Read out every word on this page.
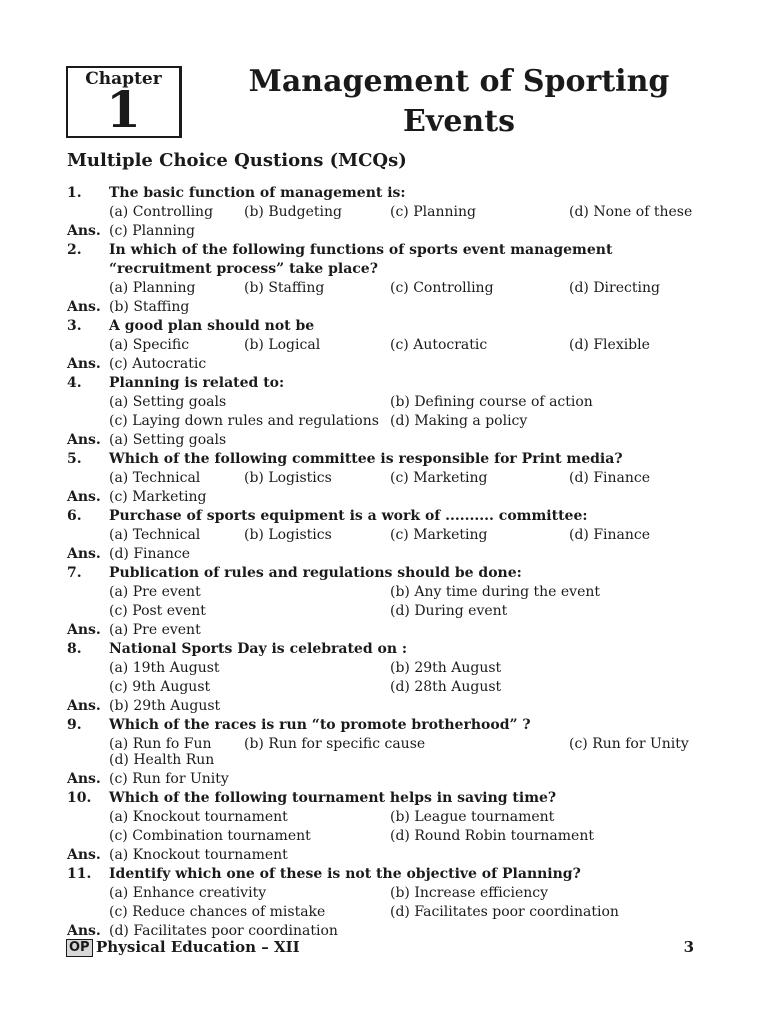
Chapter
1	Management of Sporting Events
Multiple Choice Qustions (MCQs)
1. The basic function of management is:
(a) Controlling (b) Budgeting	(c) Planning	(d) None of these
Ans. (c) Planning
2. In which of the following functions of sports event management “recruitment process” take place?
(a) Planning	(b) Staffing	(c) Controlling	(d) Directing
Ans. (b) Staffing
3. A good plan should not be
(a) Specific	(b) Logical	(c) Autocratic	(d) Flexible
Ans. (c) Autocratic
4. Planning is related to:
(a) Setting goals	(b) Defining course of action
(c) Laying down rules and regulations (d) Making a policy
Ans. (a) Setting goals
5. Which of the following committee is responsible for Print media?
(a) Technical	(b) Logistics	(c) Marketing	(d) Finance
Ans. (c) Marketing
6. Purchase of sports equipment is a work of .......... committee:
(a) Technical	(b) Logistics	(c) Marketing	(d) Finance
Ans. (d) Finance
7. Publication of rules and regulations should be done:
(a) Pre event	(b) Any time during the event
(c) Post event	(d) During event
Ans. (a) Pre event
8. National Sports Day is celebrated on :
(a) 19th August	(b) 29th August
(c) 9th August	(d) 28th August
Ans. (b) 29th August
9. Which of the races is run “to promote brotherhood” ?
(a) Run fo Fun (b) Run for specific cause	(c) Run for Unity
(d) Health Run
Ans. (c) Run for Unity
10. Which of the following tournament helps in saving time?
(a) Knockout tournament	(b) League tournament
(c) Combination tournament	(d) Round Robin tournament
Ans. (a) Knockout tournament
11. Identify which one of these is not the objective of Planning?
(a) Enhance creativity	(b) Increase efficiency
(c) Reduce chances of mistake	(d) Facilitates poor coordination
Ans. (d) Facilitates poor coordination
OP Physical Education – XII	3
